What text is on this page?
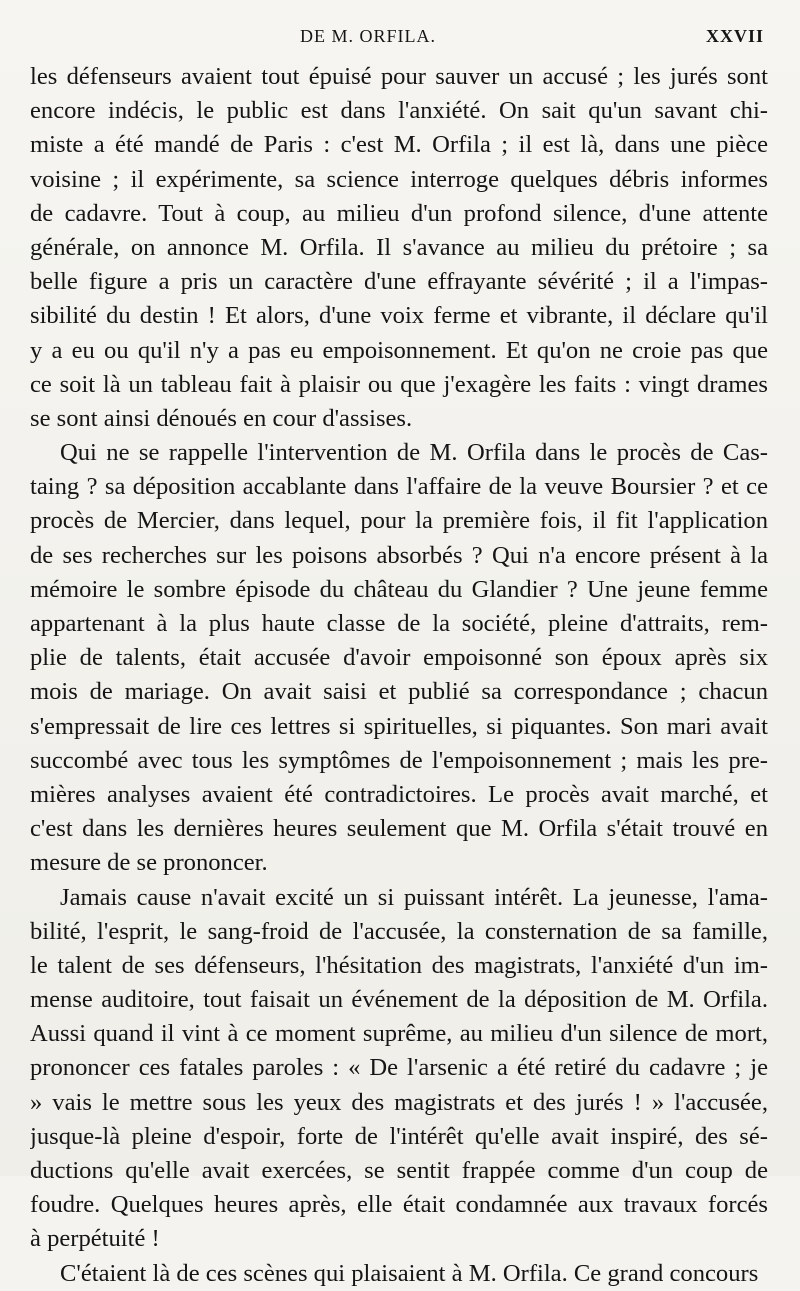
DE M. ORFILA.	XXVII
les défenseurs avaient tout épuisé pour sauver un accusé ; les jurés sont
encore indécis, le public est dans l'anxiété. On sait qu'un savant chi-
miste a été mandé de Paris : c'est M. Orfila ; il est là, dans une pièce
voisine ; il expérimente, sa science interroge quelques débris informes
de cadavre. Tout à coup, au milieu d'un profond silence, d'une attente
générale, on annonce M. Orfila. Il s'avance au milieu du prétoire ; sa
belle figure a pris un caractère d'une effrayante sévérité ; il a l'impas-
sibilité du destin ! Et alors, d'une voix ferme et vibrante, il déclare qu'il
y a eu ou qu'il n'y a pas eu empoisonnement. Et qu'on ne croie pas que
ce soit là un tableau fait à plaisir ou que j'exagère les faits : vingt drames
se sont ainsi dénoués en cour d'assises.
Qui ne se rappelle l'intervention de M. Orfila dans le procès de Cas-
taing ? sa déposition accablante dans l'affaire de la veuve Boursier ? et ce
procès de Mercier, dans lequel, pour la première fois, il fit l'application
de ses recherches sur les poisons absorbés ? Qui n'a encore présent à la
mémoire le sombre épisode du château du Glandier ? Une jeune femme
appartenant à la plus haute classe de la société, pleine d'attraits, rem-
plie de talents, était accusée d'avoir empoisonné son époux après six
mois de mariage. On avait saisi et publié sa correspondance ; chacun
s'empressait de lire ces lettres si spirituelles, si piquantes. Son mari avait
succombé avec tous les symptômes de l'empoisonnement ; mais les pre-
mières analyses avaient été contradictoires. Le procès avait marché, et
c'est dans les dernières heures seulement que M. Orfila s'était trouvé en
mesure de se prononcer.
Jamais cause n'avait excité un si puissant intérêt. La jeunesse, l'ama-
bilité, l'esprit, le sang-froid de l'accusée, la consternation de sa famille,
le talent de ses défenseurs, l'hésitation des magistrats, l'anxiété d'un im-
mense auditoire, tout faisait un événement de la déposition de M. Orfila.
Aussi quand il vint à ce moment suprême, au milieu d'un silence de mort,
prononcer ces fatales paroles : « De l'arsenic a été retiré du cadavre ; je
» vais le mettre sous les yeux des magistrats et des jurés ! » l'accusée,
jusque-là pleine d'espoir, forte de l'intérêt qu'elle avait inspiré, des sé-
ductions qu'elle avait exercées, se sentit frappée comme d'un coup de
foudre. Quelques heures après, elle était condamnée aux travaux forcés
à perpétuité !
C'étaient là de ces scènes qui plaisaient à M. Orfila. Ce grand concours
